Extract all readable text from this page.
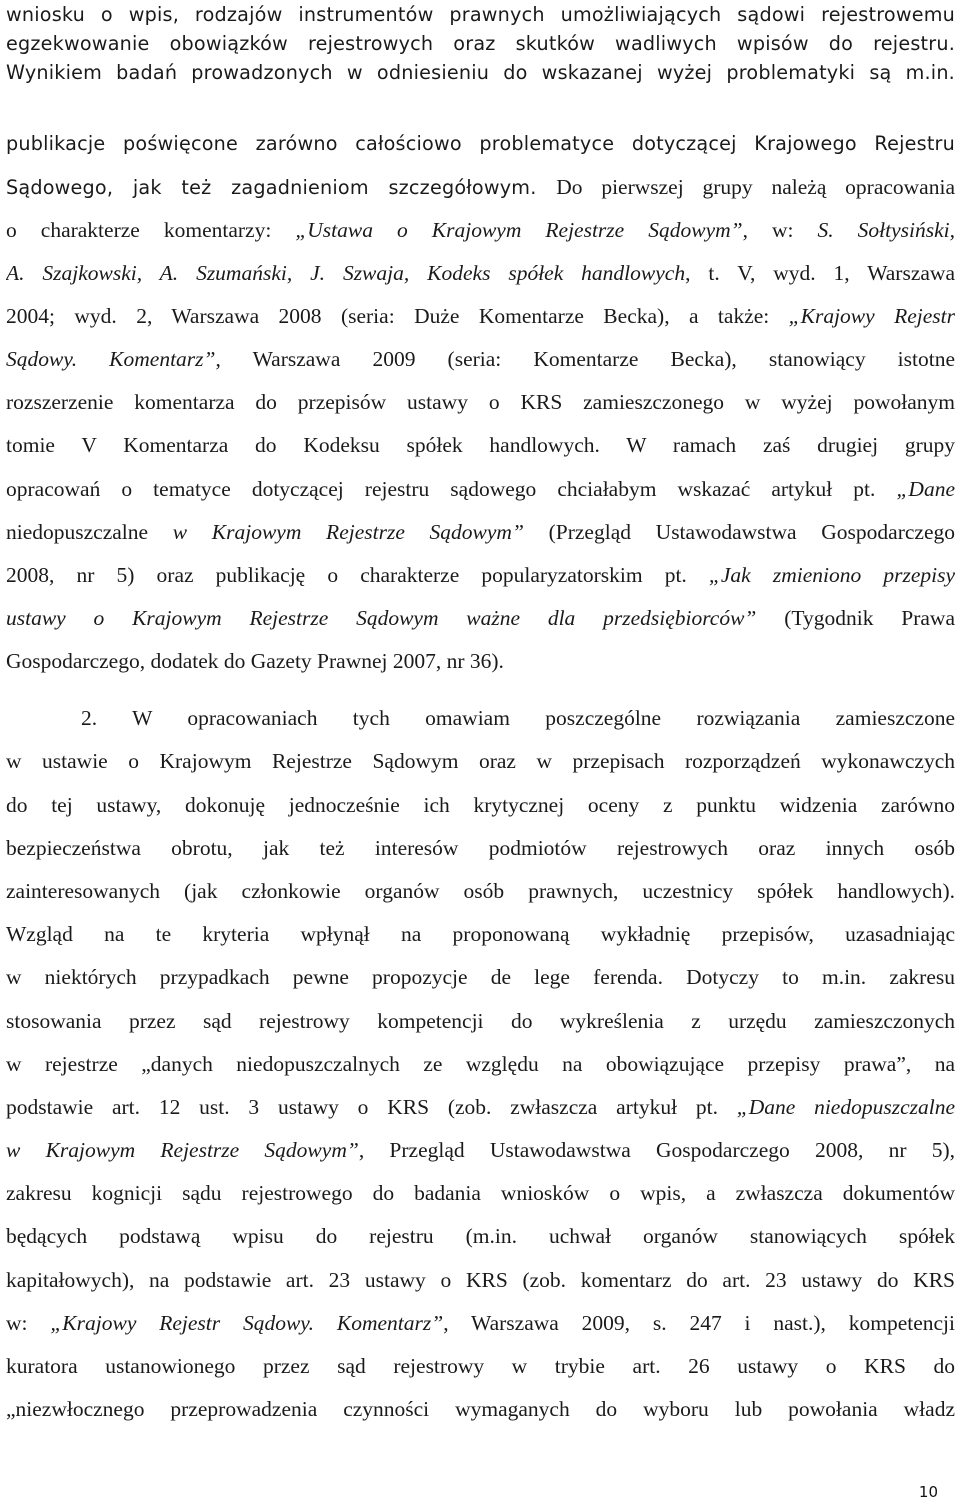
wniosku o wpis, rodzajów instrumentów prawnych umożliwiających sądowi rejestrowemu
egzekwowanie obowiązków rejestrowych oraz skutków wadliwych wpisów do rejestru.
Wynikiem badań prowadzonych w odniesieniu do wskazanej wyżej problematyki są m.in.
publikacje poświęcone zarówno całościowo problematyce dotyczącej Krajowego Rejestru
Sądowego, jak też zagadnieniom szczegółowym. Do pierwszej grupy należą opracowania
o charakterze komentarzy: „Ustawa o Krajowym Rejestrze Sądowym”, w: S. Sołtysiński,
A. Szajkowski, A. Szumański, J. Szwaja, Kodeks spółek handlowych, t. V, wyd. 1, Warszawa
2004; wyd. 2, Warszawa 2008 (seria: Duże Komentarze Becka), a także: „Krajowy Rejestr
Sądowy. Komentarz”, Warszawa 2009 (seria: Komentarze Becka), stanowiący istotne
rozszerzenie komentarza do przepisów ustawy o KRS zamieszczonego w wyżej powołanym
tomie V Komentarza do Kodeksu spółek handlowych. W ramach zaś drugiej grupy
opracowań o tematyce dotyczącej rejestru sądowego chciałabym wskazać artykuł pt. „Dane
niedopuszczalne w Krajowym Rejestrze Sądowym” (Przegląd Ustawodawstwa Gospodarczego
2008, nr 5) oraz publikację o charakterze popularyzatorskim pt. „Jak zmieniono przepisy
ustawy o Krajowym Rejestrze Sądowym ważne dla przedsiębiorców” (Tygodnik Prawa
Gospodarczego, dodatek do Gazety Prawnej 2007, nr 36).
2. W opracowaniach tych omawiam poszczególne rozwiązania zamieszczone
w ustawie o Krajowym Rejestrze Sądowym oraz w przepisach rozporządzeń wykonawczych
do tej ustawy, dokonuję jednocześnie ich krytycznej oceny z punktu widzenia zarówno
bezpieczeństwa obrotu, jak też interesów podmiotów rejestrowych oraz innych osób
zainteresowanych (jak członkowie organów osób prawnych, uczestnicy spółek handlowych).
Wzgląd na te kryteria wpłynął na proponowaną wykładnię przepisów, uzasadniając
w niektórych przypadkach pewne propozycje de lege ferenda. Dotyczy to m.in. zakresu
stosowania przez sąd rejestrowy kompetencji do wykreślenia z urzędu zamieszczonych
w rejestrze „danych niedopuszczalnych ze względu na obowiązujące przepisy prawa”, na
podstawie art. 12 ust. 3 ustawy o KRS (zob. zwłaszcza artykuł pt. „Dane niedopuszczalne
w Krajowym Rejestrze Sądowym”, Przegląd Ustawodawstwa Gospodarczego 2008, nr 5),
zakresu kognicji sądu rejestrowego do badania wniosków o wpis, a zwłaszcza dokumentów
będących podstawą wpisu do rejestru (m.in. uchwał organów stanowiących spółek
kapitałowych), na podstawie art. 23 ustawy o KRS (zob. komentarz do art. 23 ustawy do KRS
w: „Krajowy Rejestr Sądowy. Komentarz”, Warszawa 2009, s. 247 i nast.), kompetencji
kuratora ustanowionego przez sąd rejestrowy w trybie art. 26 ustawy o KRS do
„niezwłocznego przeprowadzenia czynności wymaganych do wyboru lub powołania władz
10
